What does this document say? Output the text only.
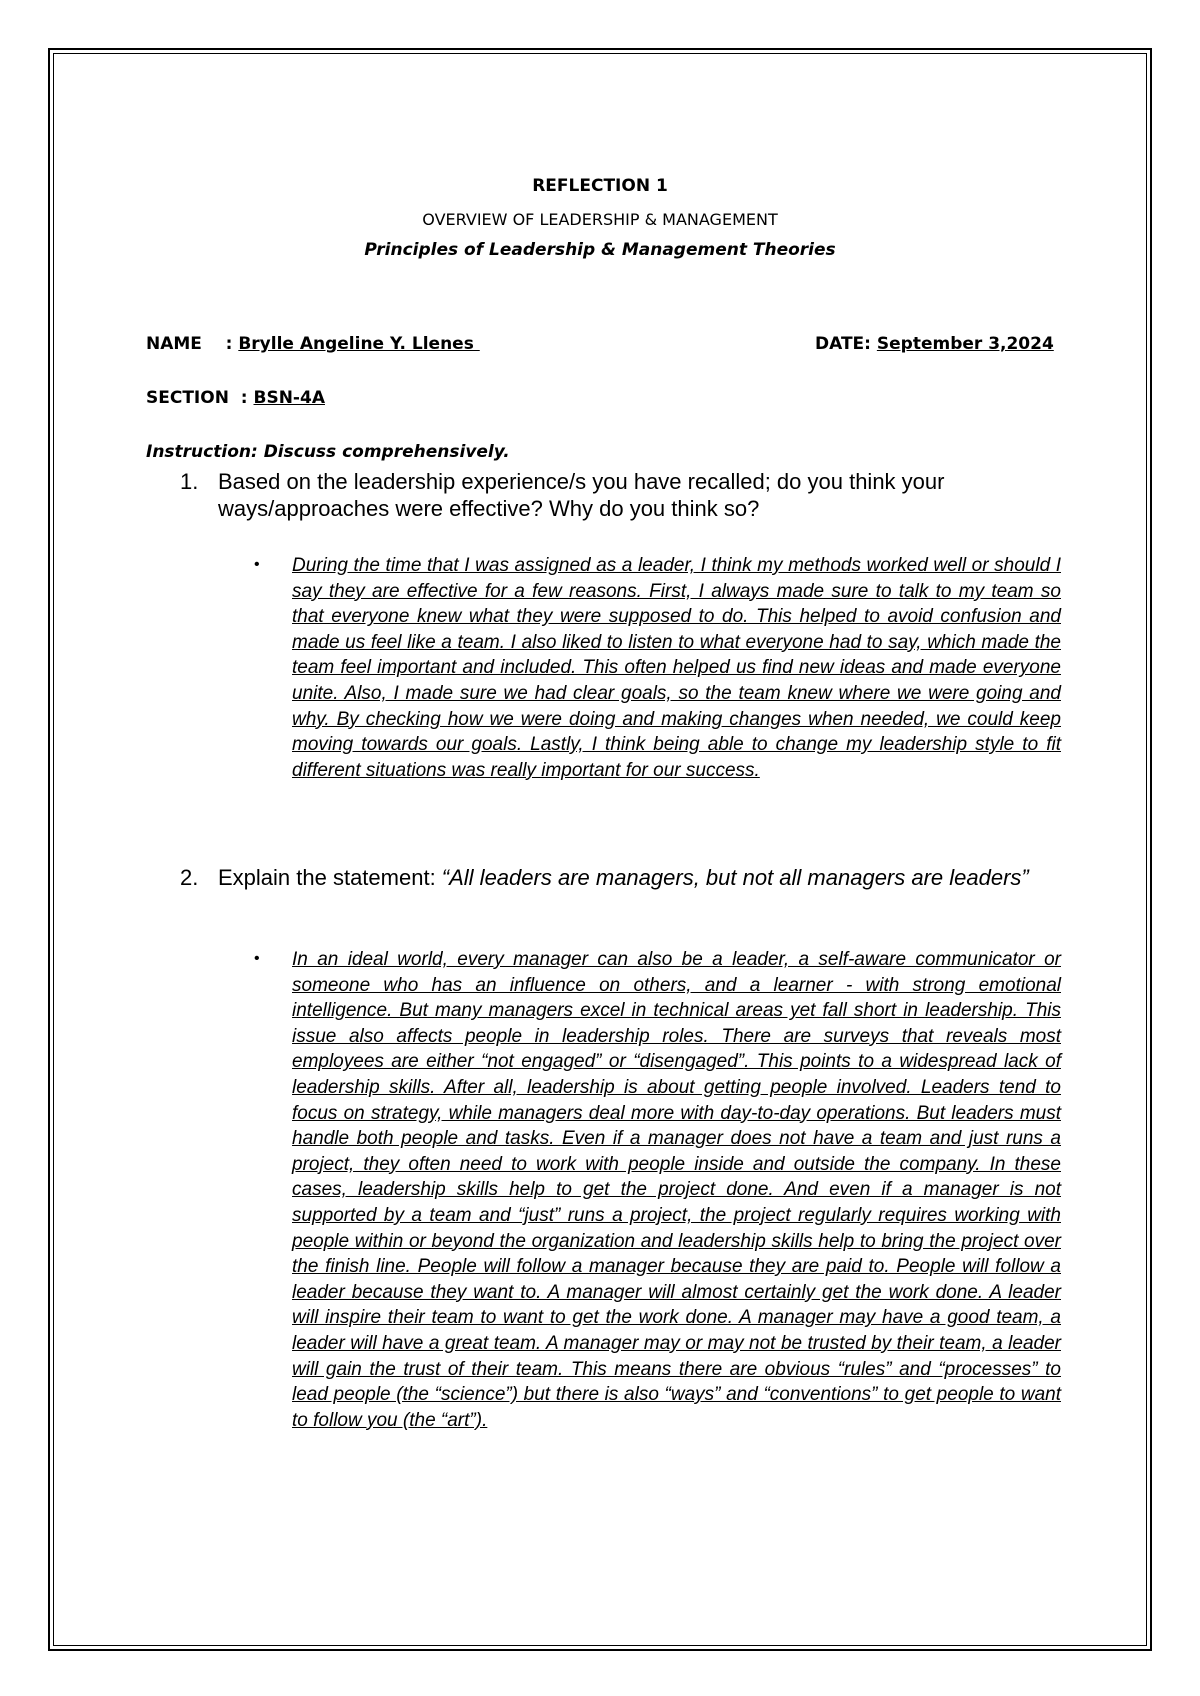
REFLECTION 1
OVERVIEW OF LEADERSHIP & MANAGEMENT
Principles of Leadership & Management Theories
NAME    : Brylle Angeline Y. Llenes	DATE: September 3,2024
SECTION  : BSN-4A
Instruction: Discuss comprehensively.
1. Based on the leadership experience/s you have recalled; do you think your ways/approaches were effective? Why do you think so?
• During the time that I was assigned as a leader, I think my methods worked well or should I say they are effective for a few reasons. First, I always made sure to talk to my team so that everyone knew what they were supposed to do. This helped to avoid confusion and made us feel like a team. I also liked to listen to what everyone had to say, which made the team feel important and included. This often helped us find new ideas and made everyone unite. Also, I made sure we had clear goals, so the team knew where we were going and why. By checking how we were doing and making changes when needed, we could keep moving towards our goals. Lastly, I think being able to change my leadership style to fit different situations was really important for our success.
2. Explain the statement: “All leaders are managers, but not all managers are leaders”
• In an ideal world, every manager can also be a leader, a self-aware communicator or someone who has an influence on others, and a learner - with strong emotional intelligence. But many managers excel in technical areas yet fall short in leadership. This issue also affects people in leadership roles. There are surveys that reveals most employees are either “not engaged” or “disengaged”. This points to a widespread lack of leadership skills. After all, leadership is about getting people involved. Leaders tend to focus on strategy, while managers deal more with day-to-day operations. But leaders must handle both people and tasks. Even if a manager does not have a team and just runs a project, they often need to work with people inside and outside the company. In these cases, leadership skills help to get the project done. And even if a manager is not supported by a team and “just” runs a project, the project regularly requires working with people within or beyond the organization and leadership skills help to bring the project over the finish line. People will follow a manager because they are paid to. People will follow a leader because they want to. A manager will almost certainly get the work done. A leader will inspire their team to want to get the work done. A manager may have a good team, a leader will have a great team. A manager may or may not be trusted by their team, a leader will gain the trust of their team. This means there are obvious “rules” and “processes” to lead people (the “science”) but there is also “ways” and “conventions” to get people to want to follow you (the “art”).
